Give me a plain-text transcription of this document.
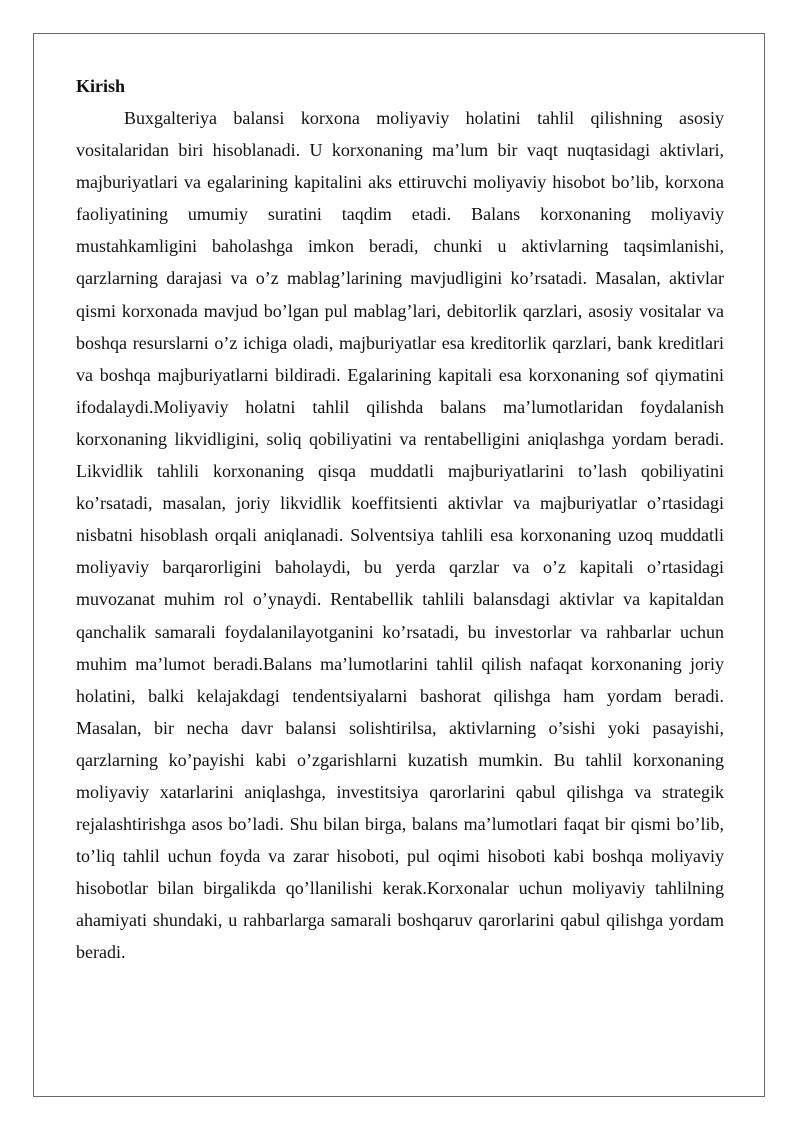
Kirish

Buxgalteriya balansi korxona moliyaviy holatini tahlil qilishning asosiy vositalaridan biri hisoblanadi. U korxonaning ma’lum bir vaqt nuqtasidagi aktivlari, majburiyatlari va egalarining kapitalini aks ettiruvchi moliyaviy hisobot bo’lib, korxona faoliyatining umumiy suratini taqdim etadi. Balans korxonaning moliyaviy mustahkamligini baholashga imkon beradi, chunki u aktivlarning taqsimlanishi, qarzlarning darajasi va o’z mablag’larining mavjudligini ko’rsatadi. Masalan, aktivlar qismi korxonada mavjud bo’lgan pul mablag’lari, debitorlik qarzlari, asosiy vositalar va boshqa resurslarni o’z ichiga oladi, majburiyatlar esa kreditorlik qarzlari, bank kreditlari va boshqa majburiyatlarni bildiradi. Egalarining kapitali esa korxonaning sof qiymatini ifodalaydi.Moliyaviy holatni tahlil qilishda balans ma’lumotlaridan foydalanish korxonaning likvidligini, soliq qobiliyatini va rentabelligini aniqlashga yordam beradi. Likvidlik tahlili korxonaning qisqa muddatli majburiyatlarini to’lash qobiliyatini ko’rsatadi, masalan, joriy likvidlik koeffitsienti aktivlar va majburiyatlar o’rtasidagi nisbatni hisoblash orqali aniqlanadi. Solventsiya tahlili esa korxonaning uzoq muddatli moliyaviy barqarorligini baholaydi, bu yerda qarzlar va o’z kapitali o’rtasidagi muvozanat muhim rol o’ynaydi. Rentabellik tahlili balansdagi aktivlar va kapitaldan qanchalik samarali foydalanilayotganini ko’rsatadi, bu investorlar va rahbarlar uchun muhim ma’lumot beradi.Balans ma’lumotlarini tahlil qilish nafaqat korxonaning joriy holatini, balki kelajakdagi tendentsiyalarni bashorat qilishga ham yordam beradi. Masalan, bir necha davr balansi solishtirilsa, aktivlarning o’sishi yoki pasayishi, qarzlarning ko’payishi kabi o’zgarishlarni kuzatish mumkin. Bu tahlil korxonaning moliyaviy xatarlarini aniqlashga, investitsiya qarorlarini qabul qilishga va strategik rejalashtirishga asos bo’ladi. Shu bilan birga, balans ma’lumotlari faqat bir qismi bo’lib, to’liq tahlil uchun foyda va zarar hisoboti, pul oqimi hisoboti kabi boshqa moliyaviy hisobotlar bilan birgalikda qo’llanilishi kerak.Korxonalar uchun moliyaviy tahlilning ahamiyati shundaki, u rahbarlarga samarali boshqaruv qarorlarini qabul qilishga yordam beradi.
